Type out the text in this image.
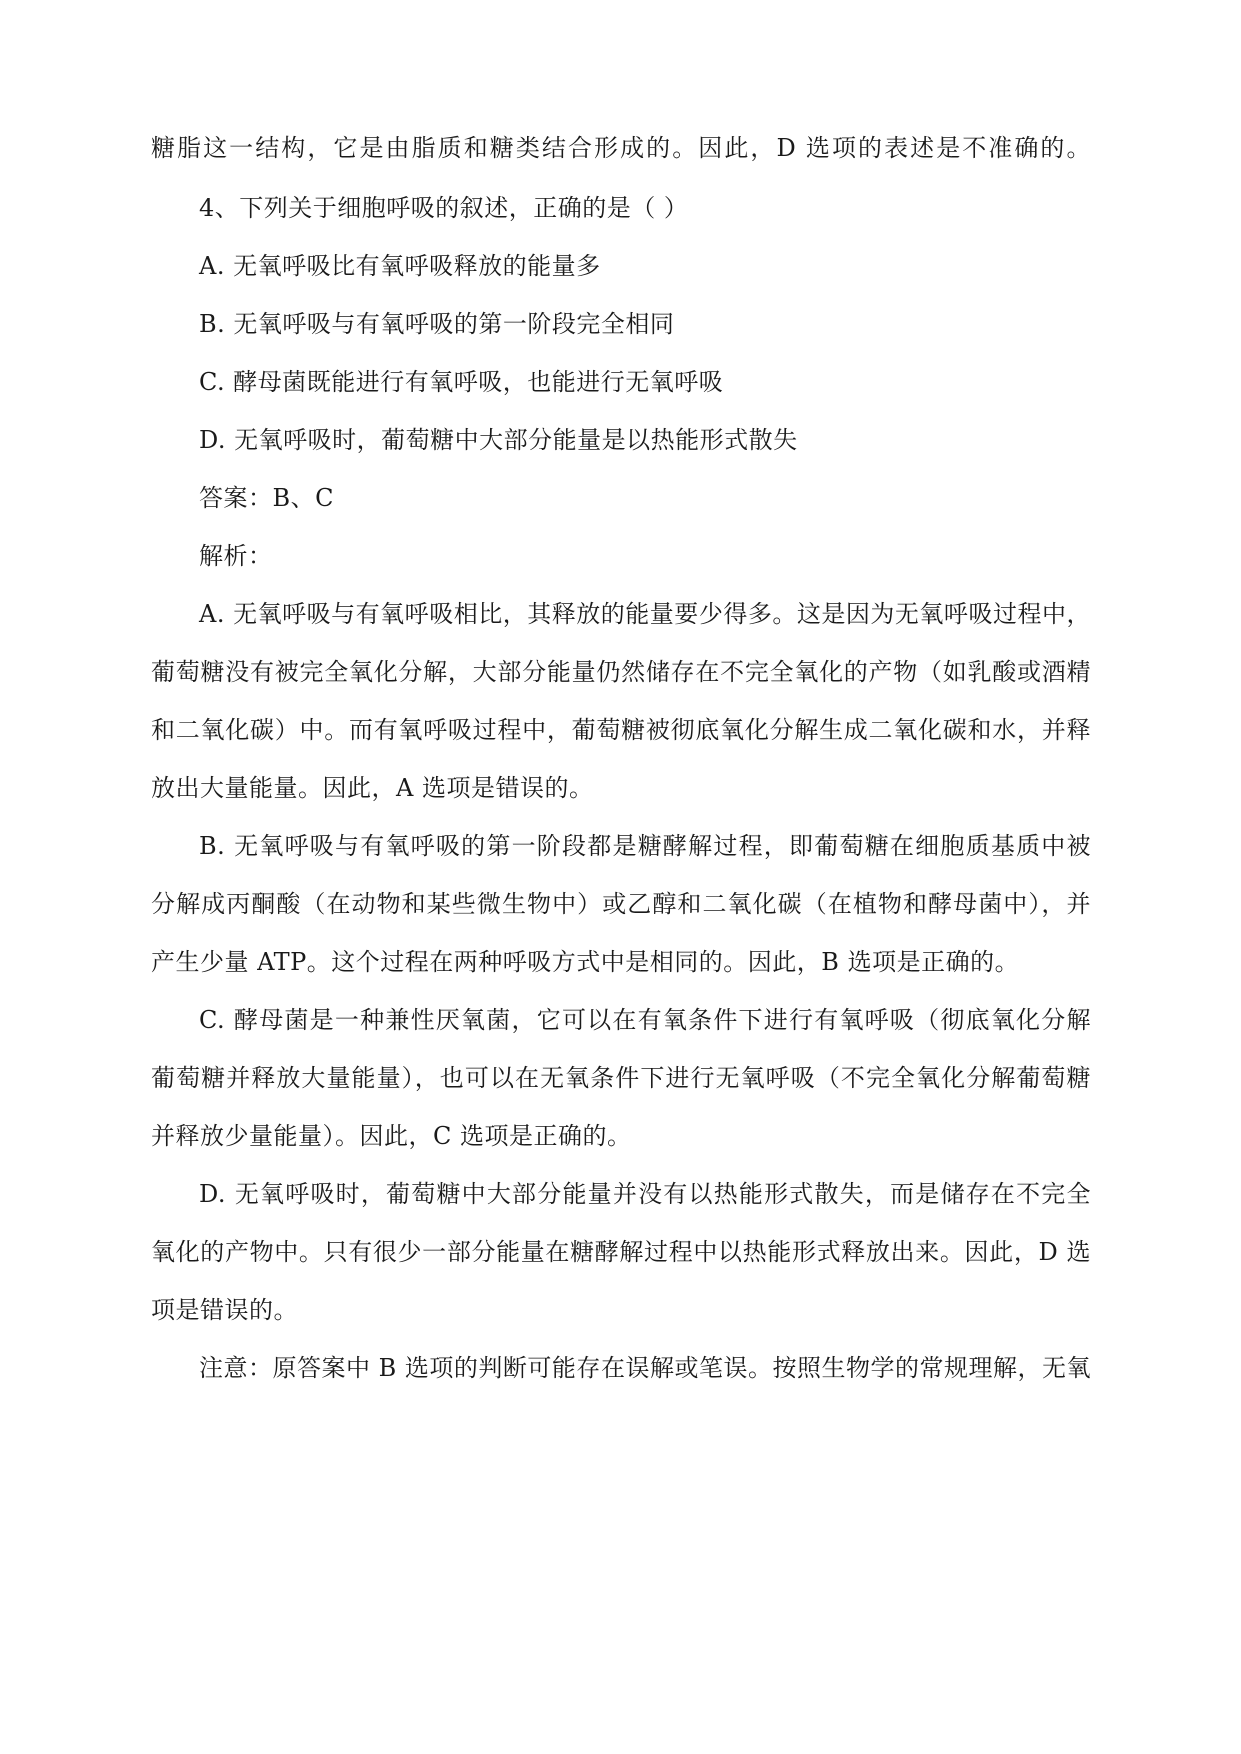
糖脂这一结构，它是由脂质和糖类结合形成的。因此，D 选项的表述是不准确的。
4、下列关于细胞呼吸的叙述，正确的是（ ）
A. 无氧呼吸比有氧呼吸释放的能量多
B. 无氧呼吸与有氧呼吸的第一阶段完全相同
C. 酵母菌既能进行有氧呼吸，也能进行无氧呼吸
D. 无氧呼吸时，葡萄糖中大部分能量是以热能形式散失
答案：B、C
解析：
A. 无氧呼吸与有氧呼吸相比，其释放的能量要少得多。这是因为无氧呼吸过程中，
葡萄糖没有被完全氧化分解，大部分能量仍然储存在不完全氧化的产物（如乳酸或酒精
和二氧化碳）中。而有氧呼吸过程中，葡萄糖被彻底氧化分解生成二氧化碳和水，并释
放出大量能量。因此，A 选项是错误的。
B. 无氧呼吸与有氧呼吸的第一阶段都是糖酵解过程，即葡萄糖在细胞质基质中被
分解成丙酮酸（在动物和某些微生物中）或乙醇和二氧化碳（在植物和酵母菌中），并
产生少量 ATP。这个过程在两种呼吸方式中是相同的。因此，B 选项是正确的。
C. 酵母菌是一种兼性厌氧菌，它可以在有氧条件下进行有氧呼吸（彻底氧化分解
葡萄糖并释放大量能量），也可以在无氧条件下进行无氧呼吸（不完全氧化分解葡萄糖
并释放少量能量）。因此，C 选项是正确的。
D. 无氧呼吸时，葡萄糖中大部分能量并没有以热能形式散失，而是储存在不完全
氧化的产物中。只有很少一部分能量在糖酵解过程中以热能形式释放出来。因此，D 选
项是错误的。
注意：原答案中 B 选项的判断可能存在误解或笔误。按照生物学的常规理解，无氧
